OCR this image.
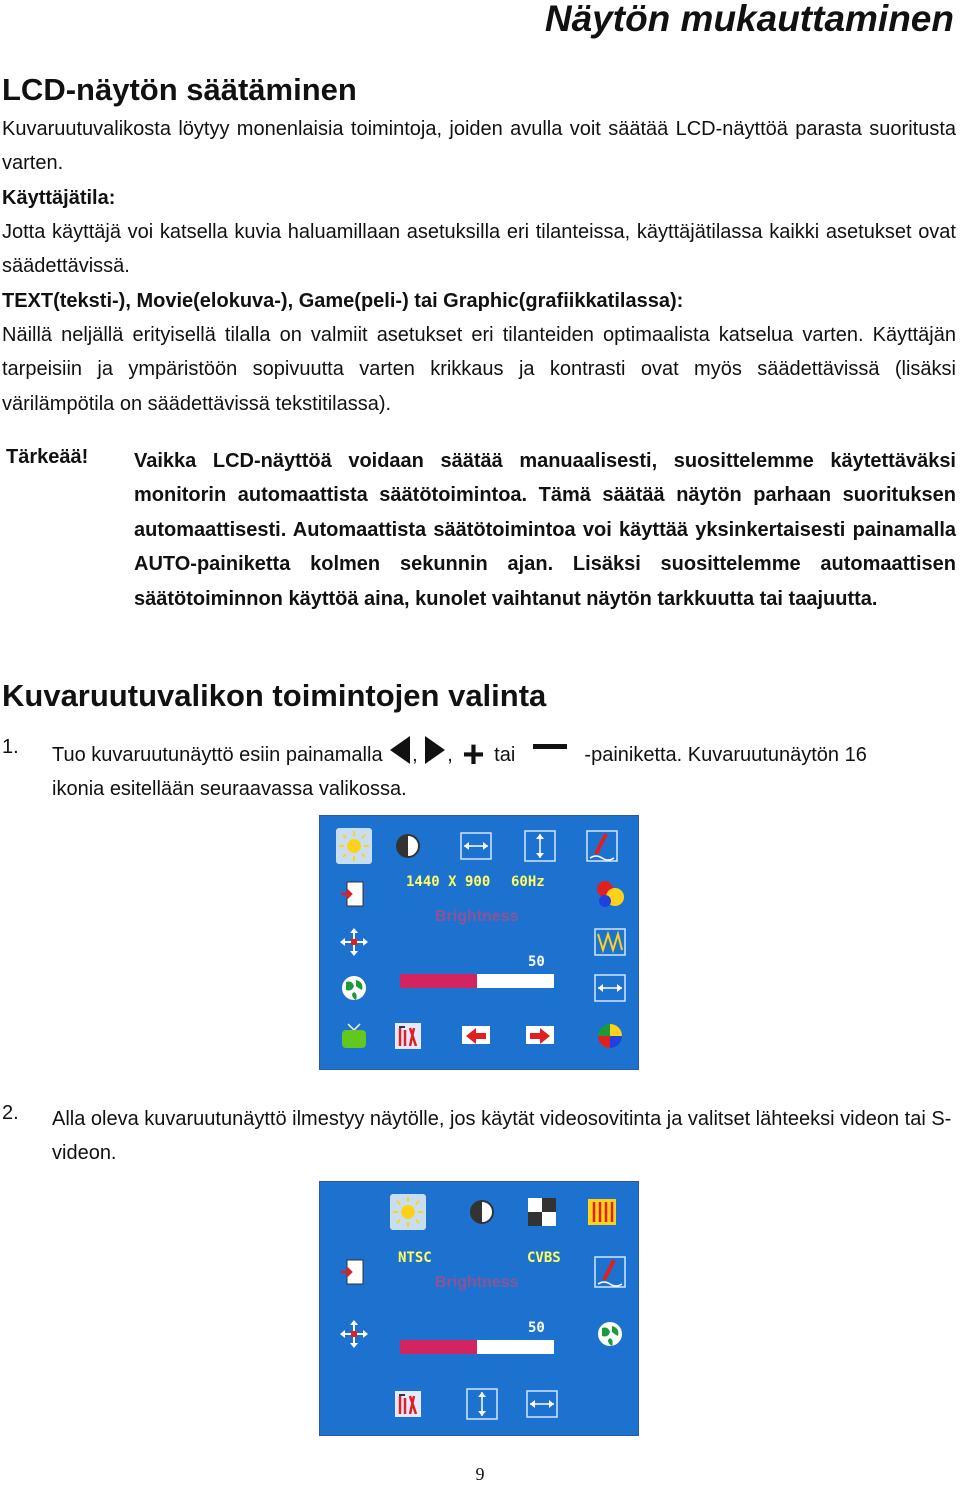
Näytön mukauttaminen
LCD-näytön säätäminen
Kuvaruutuvalikosta löytyy monenlaisia toimintoja, joiden avulla voit säätää LCD-näyttöä parasta suoritusta varten.
Käyttäjätila:
Jotta käyttäjä voi katsella kuvia haluamillaan asetuksilla eri tilanteissa, käyttäjätilassa kaikki asetukset ovat säädettävissä.
TEXT(teksti-), Movie(elokuva-), Game(peli-) tai Graphic(grafiikkatilassa):
Näillä neljällä erityisellä tilalla on valmiit asetukset eri tilanteiden optimaalista katselua varten. Käyttäjän tarpeisiin ja ympäristöön sopivuutta varten krikkaus ja kontrasti ovat myös säädettävissä (lisäksi värilämpötila on säädettävissä tekstitilassa).
Tärkeää! Vaikka LCD-näyttöä voidaan säätää manuaalisesti, suosittelemme käytettäväksi monitorin automaattista säätötoimintoa. Tämä säätää näytön parhaan suorituksen automaattisesti. Automaattista säätötoimintoa voi käyttää yksinkertaisesti painamalla AUTO-painiketta kolmen sekunnin ajan. Lisäksi suosittelemme automaattisen säätötoiminnon käyttöä aina, kunolet vaihtanut näytön tarkkuutta tai taajuutta.
Kuvaruutuvalikon toimintojen valinta
1. Tuo kuvaruutunäyttö esiin painamalla , , + tai	-painiketta. Kuvaruutunäytön 16
ikonia esitellään seuraavassa valikossa.
1440 X 900 60Hz
Brightness
50
2. Alla oleva kuvaruutunäyttö ilmestyy näytölle, jos käytät videosovitinta ja valitset lähteeksi videon tai S-videon.
NTSC	CVBS
Brightness
50
9
